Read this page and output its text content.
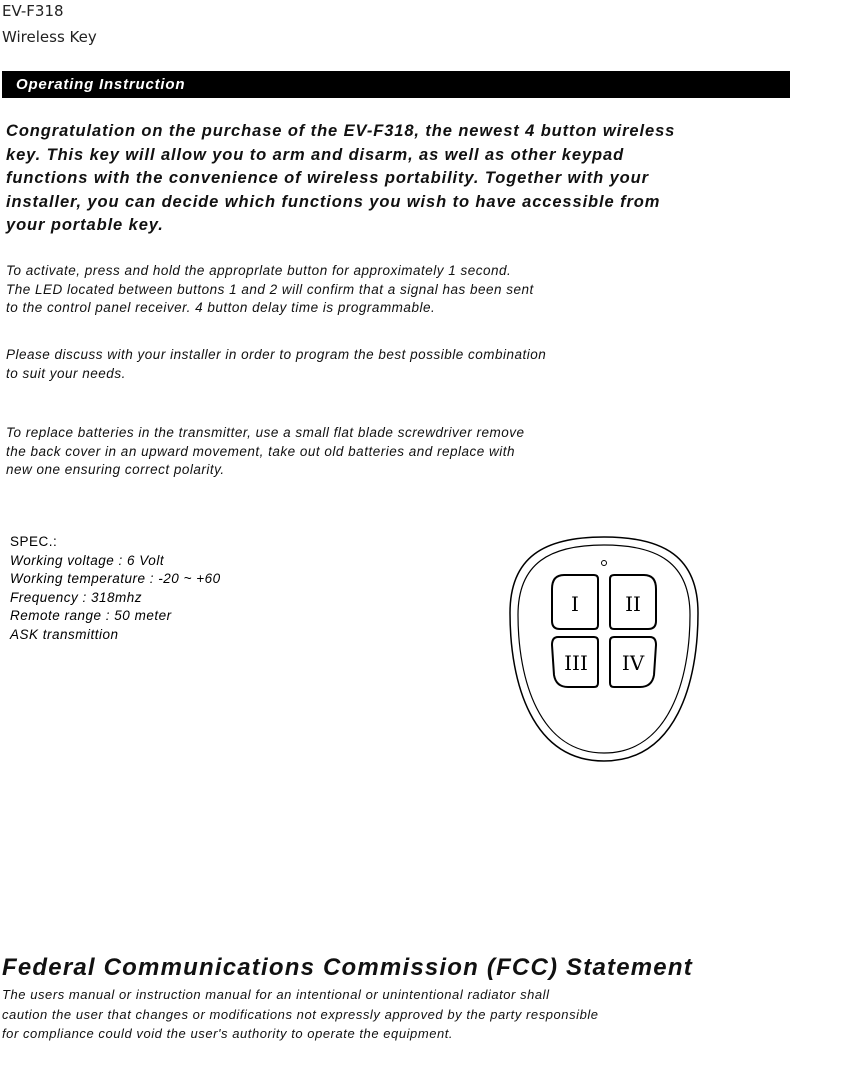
EV-F318
Wireless Key
Operating Instruction

Congratulation on the purchase of the EV-F318, the newest 4 button wireless
key. This key will allow you to arm and disarm, as well as other keypad
functions with the convenience of wireless portability. Together with your
installer, you can decide which functions you wish to have accessible from
your portable key.

To activate, press and hold the approprlate button for approximately 1 second.
The LED located between buttons 1 and 2 will confirm that a signal has been sent
to the control panel receiver. 4 button delay time is programmable.

Please discuss with your installer in order to program the best possible combination
to suit your needs.

To replace batteries in the transmitter, use a small flat blade screwdriver remove
the back cover in an upward movement, take out old batteries and replace with
new one ensuring correct polarity.

SPEC.:
Working voltage : 6 Volt
Working temperature : -20 ~ +60
Frequency : 318mhz
Remote range : 50 meter
ASK transmittion
I II
III IV
Federal Communications Commission (FCC) Statement

The users manual or instruction manual for an intentional or unintentional radiator shall
caution the user that changes or modifications not expressly approved by the party responsible
for compliance could void the user's authority to operate the equipment.
